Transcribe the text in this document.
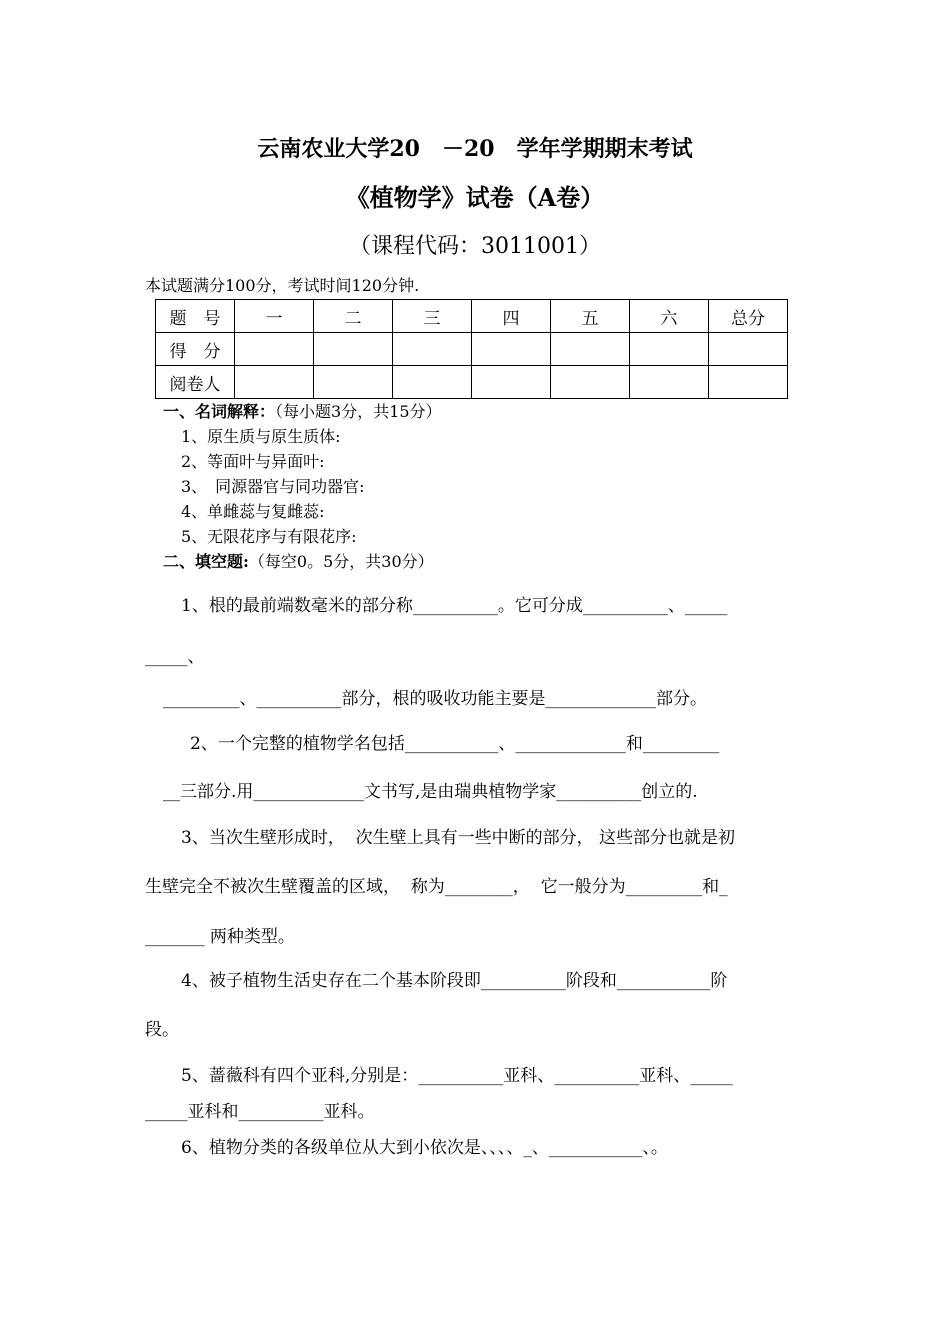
云南农业大学20　－20　学年学期期末考试
《植物学》试卷（A卷）
（课程代码：3011001）
本试题满分100分，考试时间120分钟.
题　号	一	二	三	四	五	六	总分
得　分							
阅卷人							
一、名词解释：（每小题3分，共15分）
1、原生质与原生质体:
2、等面叶与异面叶:
3、　同源器官与同功器官:
4、单雌蕊与复雌蕊:
5、无限花序与有限花序:
二、填空题:（每空0。5分，共30分）
1、根的最前端数毫米的部分称__________。它可分成__________、_____
_____、
_________、__________部分，根的吸收功能主要是_____________部分。
2、一个完整的植物学名包括___________、_____________和_________
__三部分.用_____________文书写,是由瑞典植物学家__________创立的.
3、当次生壁形成时，  次生壁上具有一些中断的部分， 这些部分也就是初
生壁完全不被次生壁覆盖的区域，  称为________，  它一般分为_________和_
_______ 两种类型。
4、被子植物生活史存在二个基本阶段即__________阶段和___________阶
段。
5、蔷薇科有四个亚科,分别是：__________亚科、__________亚科、_____
_____亚科和__________亚科。
6、植物分类的各级单位从大到小依次是、、、、_、___________、。
